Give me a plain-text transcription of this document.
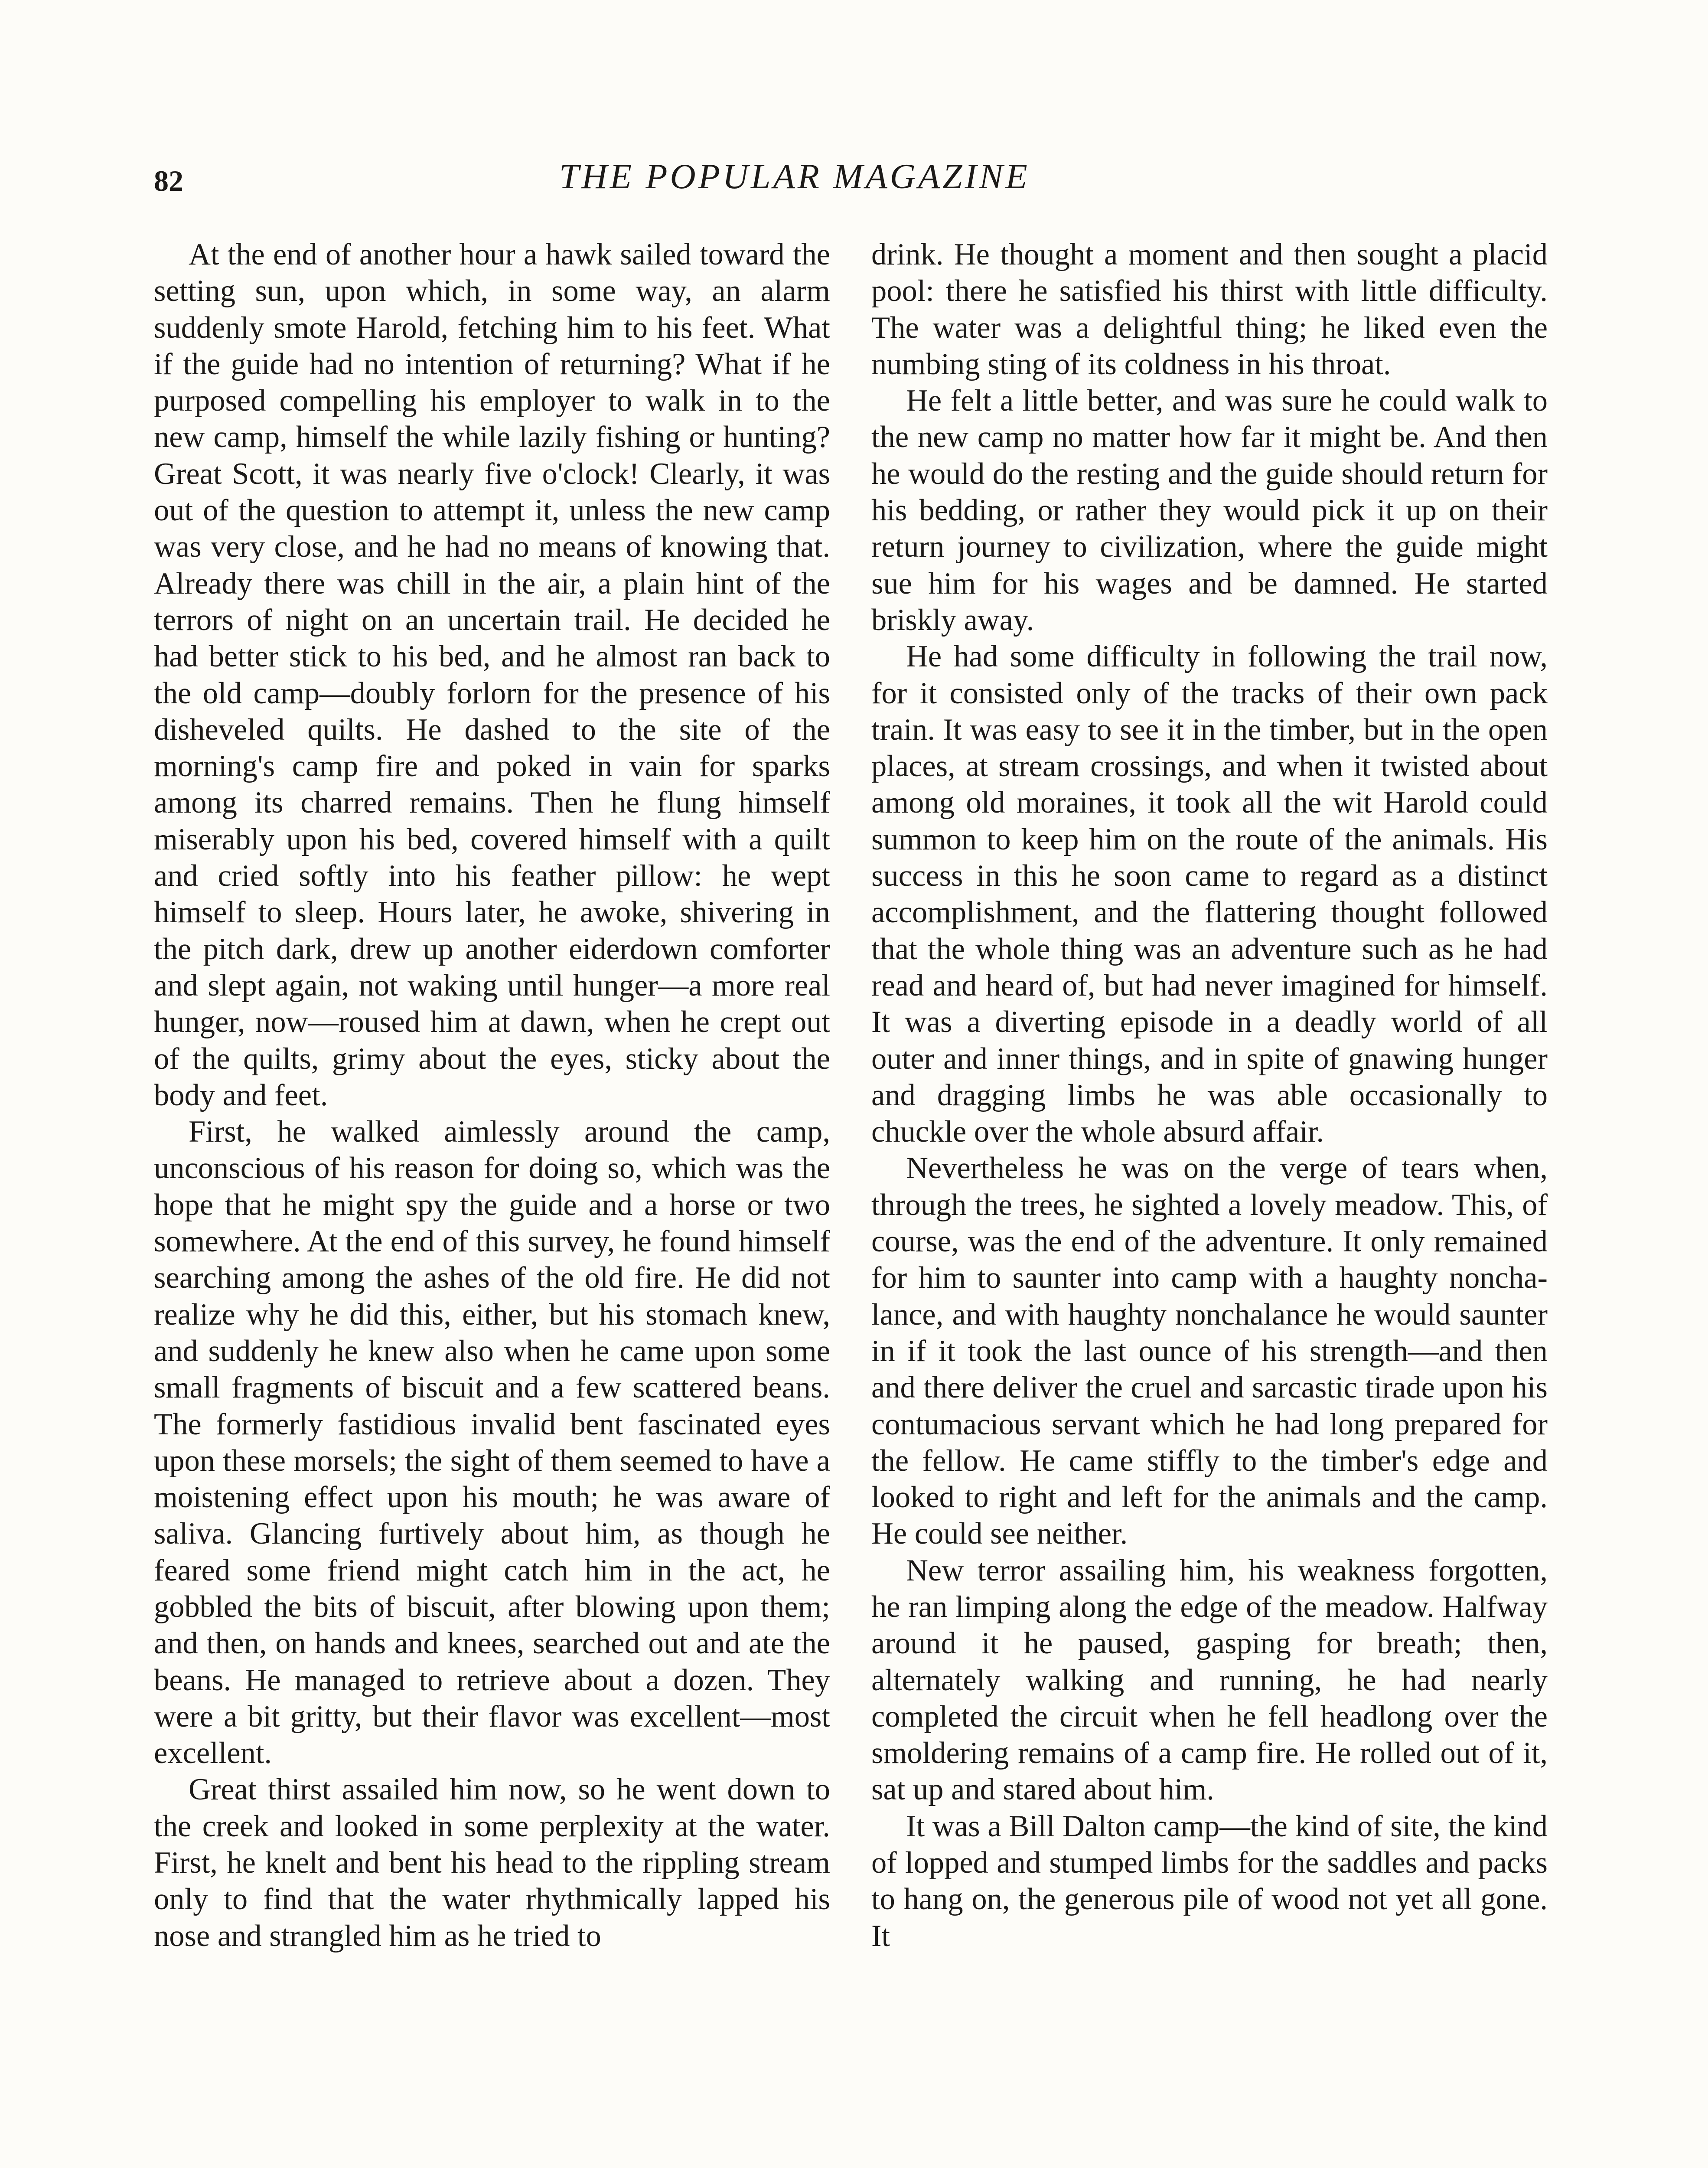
82	THE POPULAR MAGAZINE

At the end of another hour a hawk sailed toward the setting sun, upon which, in some way, an alarm suddenly smote Harold, fetching him to his feet. What if the guide had no intention of returning? What if he purposed compelling his employer to walk in to the new camp, himself the while lazily fishing or hunting? Great Scott, it was nearly five o'clock! Clearly, it was out of the question to attempt it, unless the new camp was very close, and he had no means of knowing that. Already there was chill in the air, a plain hint of the terrors of night on an uncertain trail. He decided he had better stick to his bed, and he almost ran back to the old camp—doubly forlorn for the presence of his disheveled quilts. He dashed to the site of the morning's camp fire and poked in vain for sparks among its charred remains. Then he flung himself miserably upon his bed, covered himself with a quilt and cried softly into his feather pillow: he wept himself to sleep. Hours later, he awoke, shivering in the pitch dark, drew up another eiderdown comforter and slept again, not waking until hunger—a more real hunger, now—roused him at dawn, when he crept out of the quilts, grimy about the eyes, sticky about the body and feet.

First, he walked aimlessly around the camp, unconscious of his reason for doing so, which was the hope that he might spy the guide and a horse or two somewhere. At the end of this survey, he found himself searching among the ashes of the old fire. He did not realize why he did this, either, but his stomach knew, and suddenly he knew also when he came upon some small fragments of biscuit and a few scattered beans. The formerly fastidious invalid bent fascinated eyes upon these morsels; the sight of them seemed to have a moistening effect upon his mouth; he was aware of saliva. Glancing furtively about him, as though he feared some friend might catch him in the act, he gobbled the bits of biscuit, after blowing upon them; and then, on hands and knees, searched out and ate the beans. He managed to retrieve about a dozen. They were a bit gritty, but their flavor was excellent—most excellent.

Great thirst assailed him now, so he went down to the creek and looked in some perplexity at the water. First, he knelt and bent his head to the rippling stream only to find that the water rhythmically lapped his nose and strangled him as he tried to

drink. He thought a moment and then sought a placid pool: there he satisfied his thirst with little difficulty. The water was a delightful thing; he liked even the numbing sting of its coldness in his throat.

He felt a little better, and was sure he could walk to the new camp no matter how far it might be. And then he would do the resting and the guide should return for his bedding, or rather they would pick it up on their return journey to civilization, where the guide might sue him for his wages and be damned. He started briskly away.

He had some difficulty in following the trail now, for it consisted only of the tracks of their own pack train. It was easy to see it in the timber, but in the open places, at stream crossings, and when it twisted about among old moraines, it took all the wit Harold could summon to keep him on the route of the animals. His success in this he soon came to regard as a distinct accomplishment, and the flattering thought followed that the whole thing was an adventure such as he had read and heard of, but had never imagined for himself. It was a diverting episode in a deadly world of all outer and inner things, and in spite of gnawing hunger and dragging limbs he was able occasionally to chuckle over the whole absurd affair.

Nevertheless he was on the verge of tears when, through the trees, he sighted a lovely meadow. This, of course, was the end of the adventure. It only remained for him to saunter into camp with a haughty nonchalance, and with haughty nonchalance he would saunter in if it took the last ounce of his strength—and then and there deliver the cruel and sarcastic tirade upon his contumacious servant which he had long prepared for the fellow. He came stiffly to the timber's edge and looked to right and left for the animals and the camp. He could see neither.

New terror assailing him, his weakness forgotten, he ran limping along the edge of the meadow. Halfway around it he paused, gasping for breath; then, alternately walking and running, he had nearly completed the circuit when he fell headlong over the smoldering remains of a camp fire. He rolled out of it, sat up and stared about him.

It was a Bill Dalton camp—the kind of site, the kind of lopped and stumped limbs for the saddles and packs to hang on, the generous pile of wood not yet all gone. It
